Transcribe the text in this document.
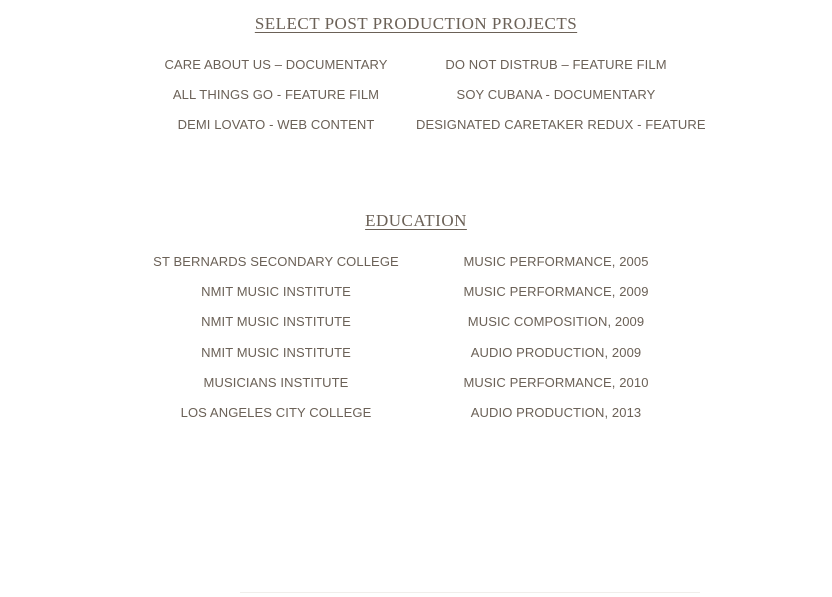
SELECT POST PRODUCTION PROJECTS
CARE ABOUT US – DOCUMENTARY	DO NOT DISTRUB – FEATURE FILM
ALL THINGS GO - FEATURE FILM	SOY CUBANA - DOCUMENTARY
DEMI LOVATO - WEB CONTENT	DESIGNATED CARETAKER REDUX - FEATURE
EDUCATION
ST BERNARDS SECONDARY COLLEGE	MUSIC PERFORMANCE, 2005
NMIT MUSIC INSTITUTE	MUSIC PERFORMANCE, 2009
NMIT MUSIC INSTITUTE	MUSIC COMPOSITION, 2009
NMIT MUSIC INSTITUTE	AUDIO PRODUCTION, 2009
MUSICIANS INSTITUTE	MUSIC PERFORMANCE, 2010
LOS ANGELES CITY COLLEGE	AUDIO PRODUCTION, 2013
